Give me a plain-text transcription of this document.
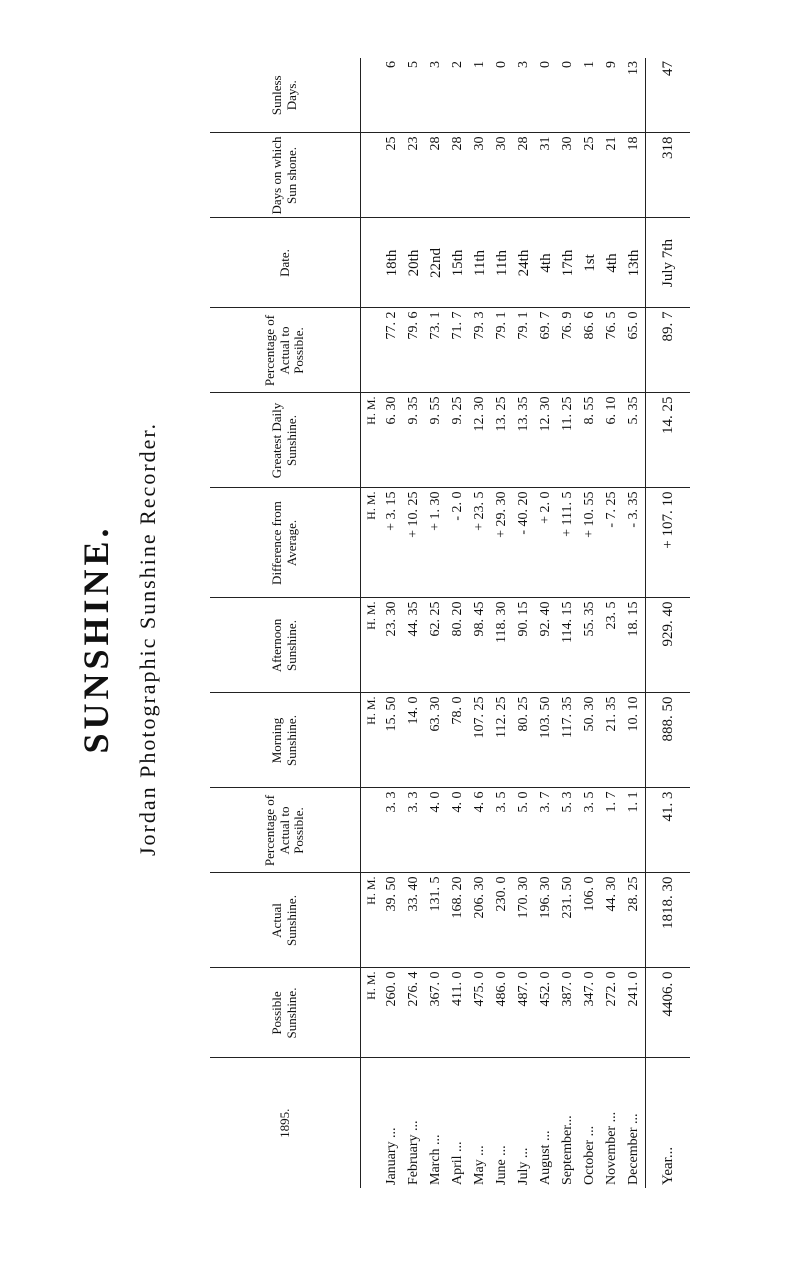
SUNSHINE. Jordan Photographic Sunshine Recorder.
1895.	Possible Sunshine.	Actual Sunshine.	Percentage of Actual to Possible.	Morning Sunshine.	Afternoon Sunshine.	Difference from Average.	Greatest Daily Sunshine.	Percentage of Actual to Possible.	Date.	Days on which Sun shone.	Sunless Days.
	H. M.	H. M.		H. M.	H. M.	H. M.	H. M.				
January ...	260. 0	39. 50	3. 3	15. 50	23. 30	+ 3. 15	6. 30	77. 2	18th	25	6
February ...	276. 4	33. 40	3. 3	14. 0	44. 35	+ 10. 25	9. 35	79. 6	20th	23	5
March ...	367. 0	131. 5	4. 0	63. 30	62. 25	+ 1. 30	9. 55	73. 1	22nd	28	3
April ...	411. 0	168. 20	4. 0	78. 0	80. 20	- 2. 0	9. 25	71. 7	15th	28	2
May ...	475. 0	206. 30	4. 6	107. 25	98. 45	+ 23. 5	12. 30	79. 3	11th	30	1
June ...	486. 0	230. 0	3. 5	112. 25	118. 30	+ 29. 30	13. 25	79. 1	11th	30	0
July ...	487. 0	170. 30	5. 0	80. 25	90. 15	- 40. 20	13. 35	79. 1	24th	28	3
August ...	452. 0	196. 30	3. 7	103. 50	92. 40	+ 2. 0	12. 30	69. 7	4th	31	0
September...	387. 0	231. 50	5. 3	117. 35	114. 15	+ 111. 5	11. 25	76. 9	17th	30	0
October ...	347. 0	106. 0	3. 5	50. 30	55. 35	+ 10. 55	8. 55	86. 6	1st	25	1
November ...	272. 0	44. 30	1. 7	21. 35	23. 5	- 7. 25	6. 10	76. 5	4th	21	9
December ...	241. 0	28. 25	1. 1	10. 10	18. 15	- 3. 35	5. 35	65. 0	13th	18	13
Year...	4406. 0	1818. 30	41. 3	888. 50	929. 40	+ 107. 10	14. 25	89. 7	July 7th	318	47
